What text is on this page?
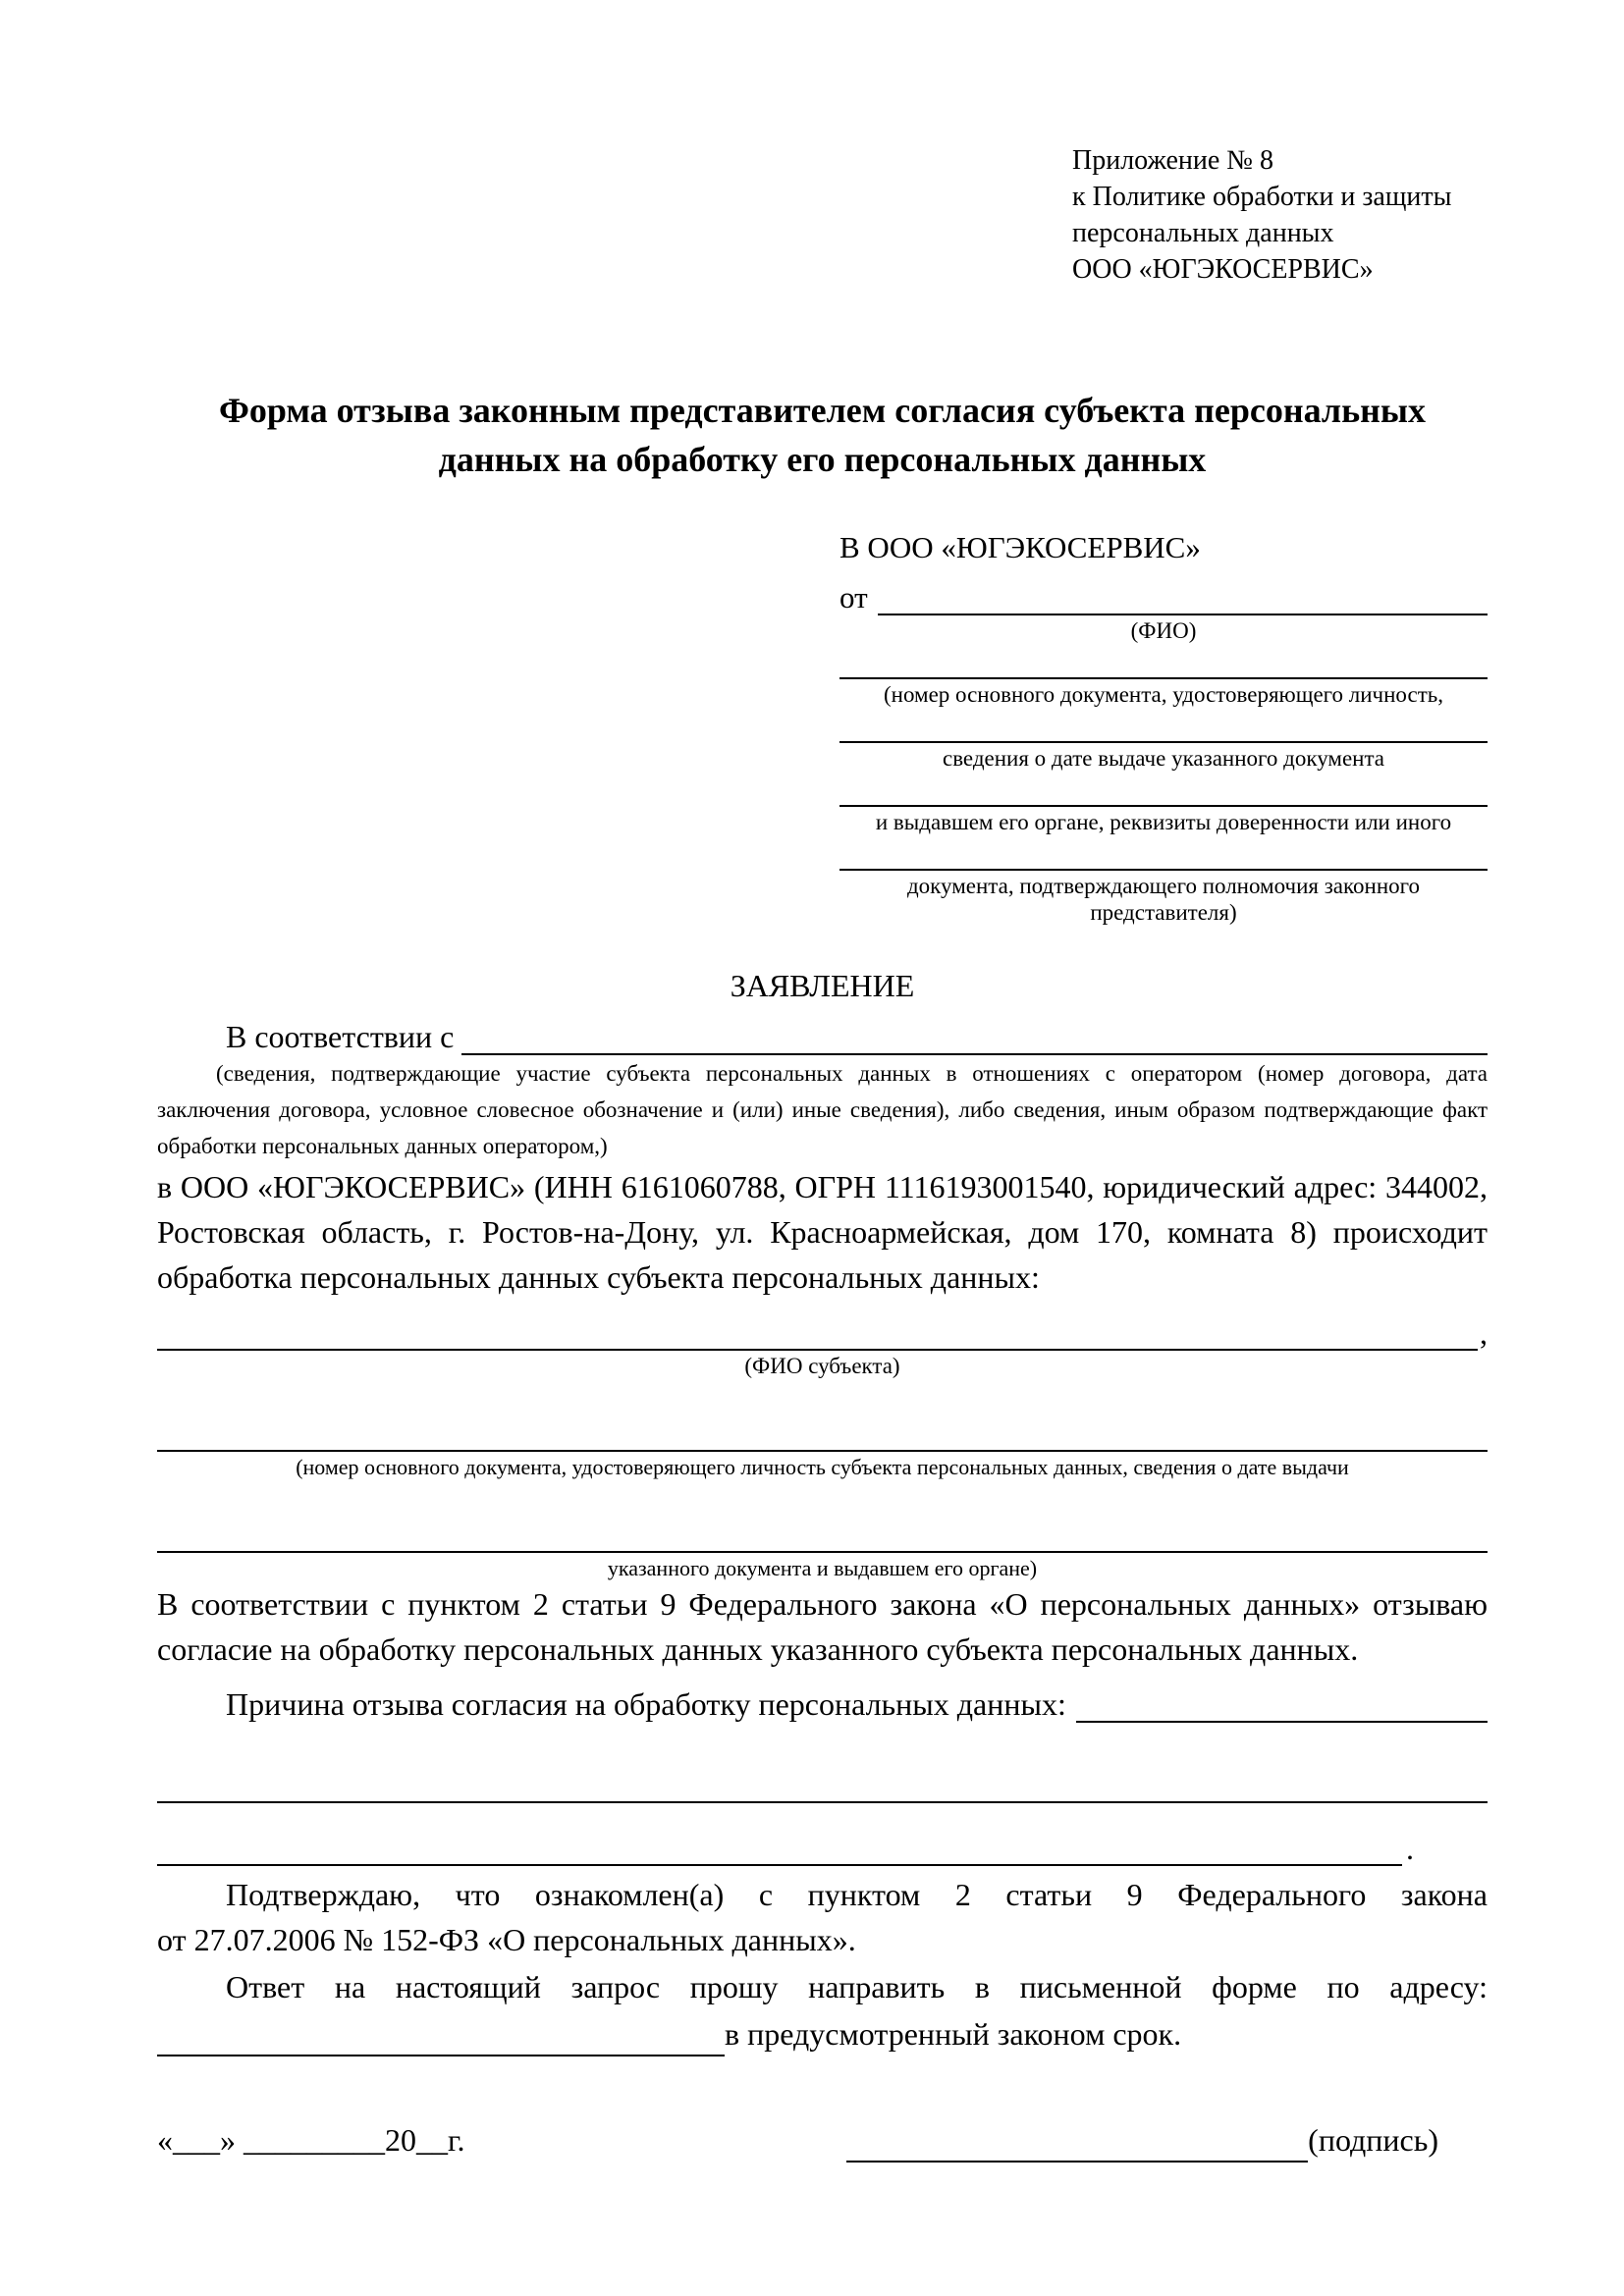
Приложение № 8
к Политике обработки и защиты
персональных данных
ООО «ЮГЭКОСЕРВИС»
Форма отзыва законным представителем согласия субъекта персональных данных на обработку его персональных данных
В ООО «ЮГЭКОСЕРВИС»
от
(ФИО)
(номер основного документа, удостоверяющего личность,
сведения о дате выдаче указанного документа
и выдавшем его органе, реквизиты доверенности или иного
документа, подтверждающего полномочия законного представителя)
ЗАЯВЛЕНИЕ
В соответствии с
(сведения, подтверждающие участие субъекта персональных данных в отношениях с оператором (номер договора, дата заключения договора, условное словесное обозначение и (или) иные сведения), либо сведения, иным образом подтверждающие факт обработки персональных данных оператором,)
в ООО «ЮГЭКОСЕРВИС» (ИНН 6161060788, ОГРН 1116193001540, юридический адрес: 344002, Ростовская область, г. Ростов-на-Дону, ул. Красноармейская, дом 170, комната 8) происходит обработка персональных данных субъекта персональных данных:
,
(ФИО субъекта)
(номер основного документа, удостоверяющего личность субъекта персональных данных, сведения о дате выдачи
указанного документа и выдавшем его органе)
В соответствии с пунктом 2 статьи 9 Федерального закона «О персональных данных» отзываю согласие на обработку персональных данных указанного субъекта персональных данных.
Причина отзыва согласия на обработку персональных данных:
.
Подтверждаю, что ознакомлен(а) с пунктом 2 статьи 9 Федерального закона
от 27.07.2006 № 152-ФЗ «О персональных данных».
Ответ на настоящий запрос прошу направить в письменной форме по адресу:
в предусмотренный законом срок.
«___» _________20__г.	(подпись)
